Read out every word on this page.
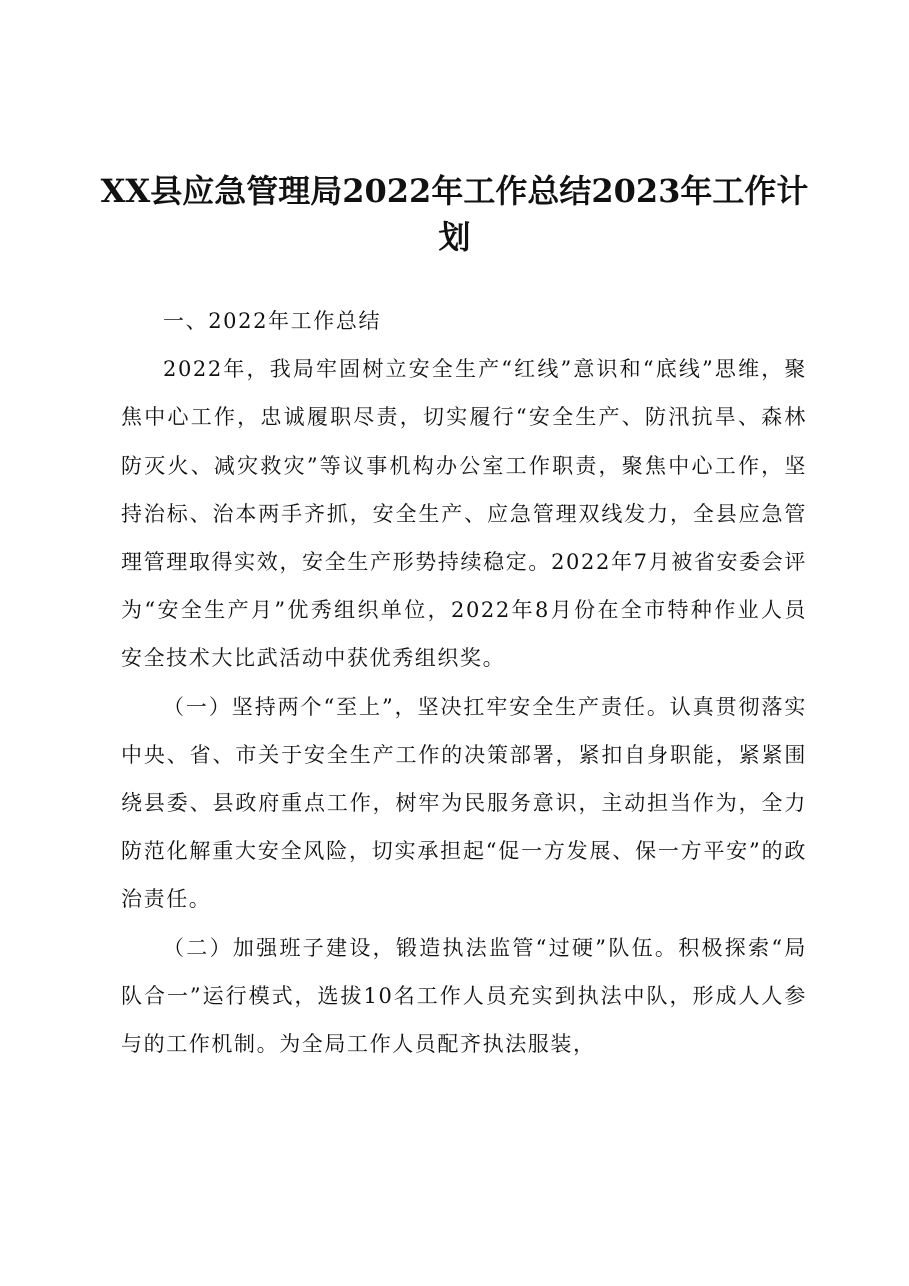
XX县应急管理局2022年工作总结2023年工作计划

一、2022年工作总结

2022年，我局牢固树立安全生产“红线”意识和“底线”思维，聚焦中心工作，忠诚履职尽责，切实履行“安全生产、防汛抗旱、森林防灭火、减灾救灾”等议事机构办公室工作职责，聚焦中心工作，坚持治标、治本两手齐抓，安全生产、应急管理双线发力，全县应急管理管理取得实效，安全生产形势持续稳定。2022年7月被省安委会评为“安全生产月”优秀组织单位，2022年8月份在全市特种作业人员安全技术大比武活动中获优秀组织奖。

（一）坚持两个“至上”，坚决扛牢安全生产责任。认真贯彻落实中央、省、市关于安全生产工作的决策部署，紧扣自身职能，紧紧围绕县委、县政府重点工作，树牢为民服务意识，主动担当作为，全力防范化解重大安全风险，切实承担起“促一方发展、保一方平安”的政治责任。

（二）加强班子建设，锻造执法监管“过硬”队伍。积极探索“局队合一”运行模式，选拔10名工作人员充实到执法中队，形成人人参与的工作机制。为全局工作人员配齐执法服装，
